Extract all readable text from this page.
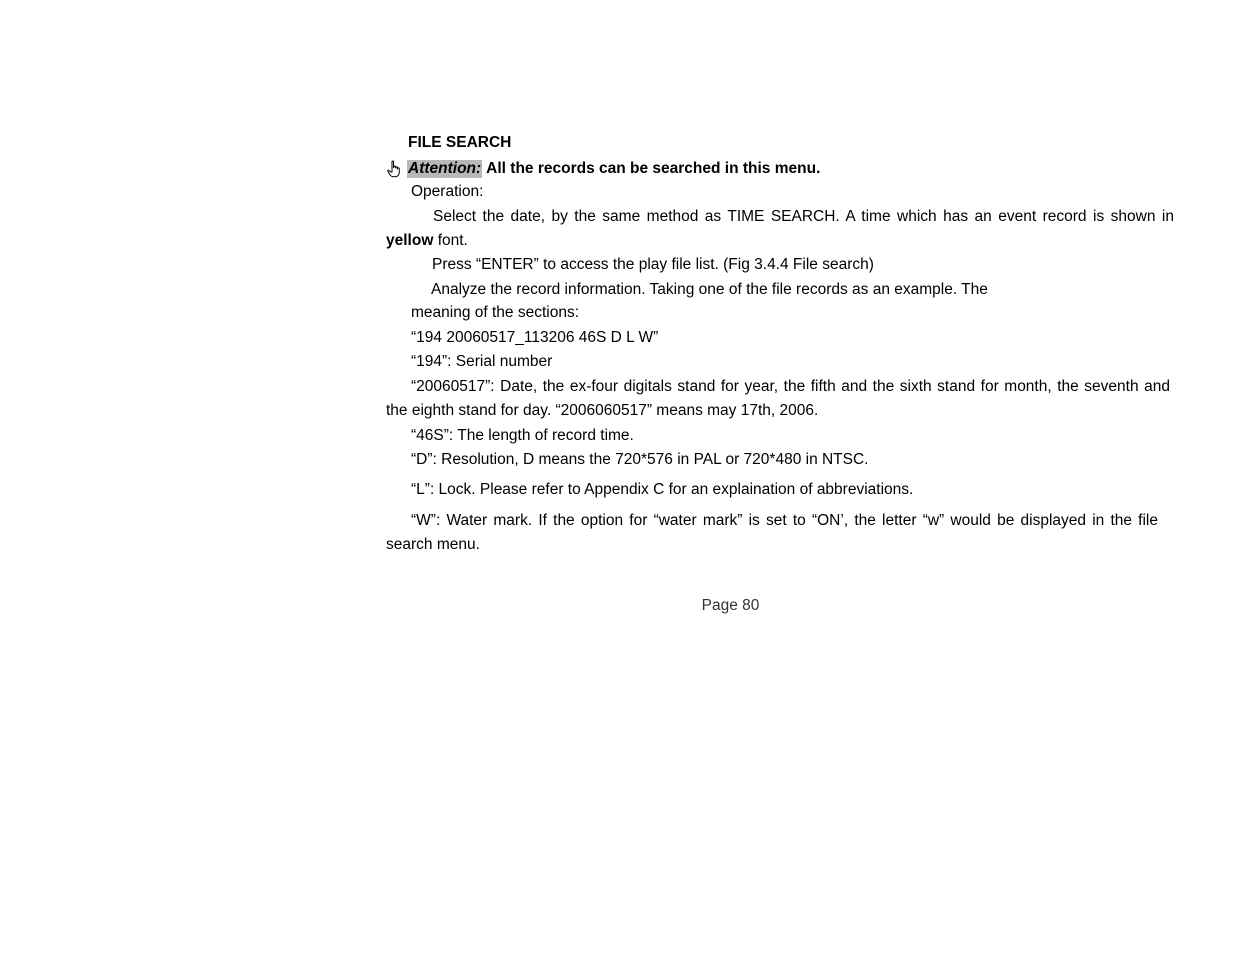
FILE SEARCH
Attention: All the records can be searched in this menu.
Operation:
Select the date, by the same method as TIME SEARCH. A time which has an event record is shown in yellow font.
Press “ENTER” to access the play file list. (Fig 3.4.4 File search)
Analyze the record information. Taking one of the file records as an example. The
meaning of the sections:
“194 20060517_113206 46S D L W”
“194”: Serial number
“20060517”: Date, the ex-four digitals stand for year, the fifth and the sixth stand for month, the seventh and the eighth stand for day. “2006060517” means may 17th, 2006.
“46S”: The length of record time.
“D”: Resolution, D means the 720*576 in PAL or 720*480 in NTSC.
“L”: Lock. Please refer to Appendix C for an explaination of abbreviations.
“W”: Water mark. If the option for “water mark” is set to “ON’, the letter “w” would be displayed in the file search menu.
Page 80
